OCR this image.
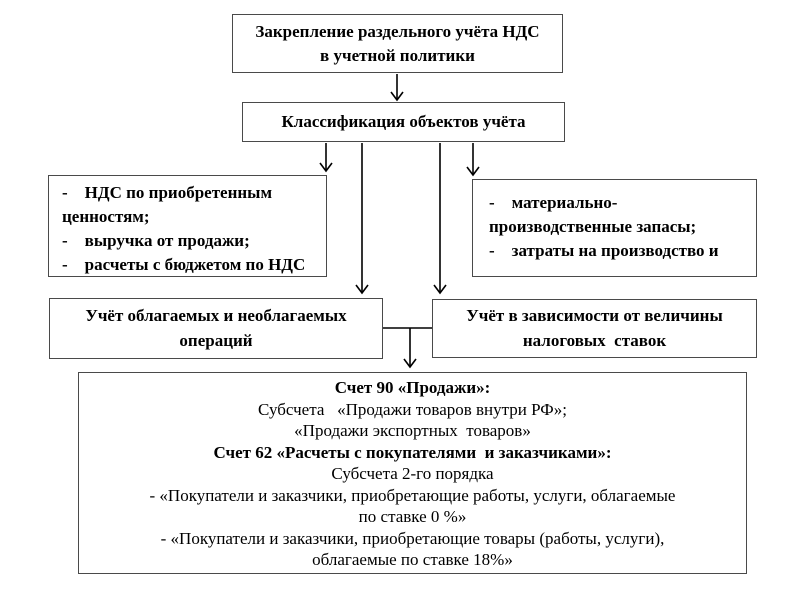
Закрепление раздельного учёта НДС
в учетной политики
Классификация объектов учёта
-    НДС по приобретенным
ценностям;
-    выручка от продажи;
-    расчеты с бюджетом по НДС
-    материально-
производственные запасы;
-    затраты на производство и
Учёт облагаемых и необлагаемых
операций
Учёт в зависимости от величины
налоговых  ставок
Счет 90 «Продажи»:
Субсчета   «Продажи товаров внутри РФ»;
«Продажи экспортных  товаров»
Счет 62 «Расчеты с покупателями  и заказчиками»:
Субсчета 2-го порядка
- «Покупатели и заказчики, приобретающие работы, услуги, облагаемые
по ставке 0 %»
- «Покупатели и заказчики, приобретающие товары (работы, услуги),
облагаемые по ставке 18%»
